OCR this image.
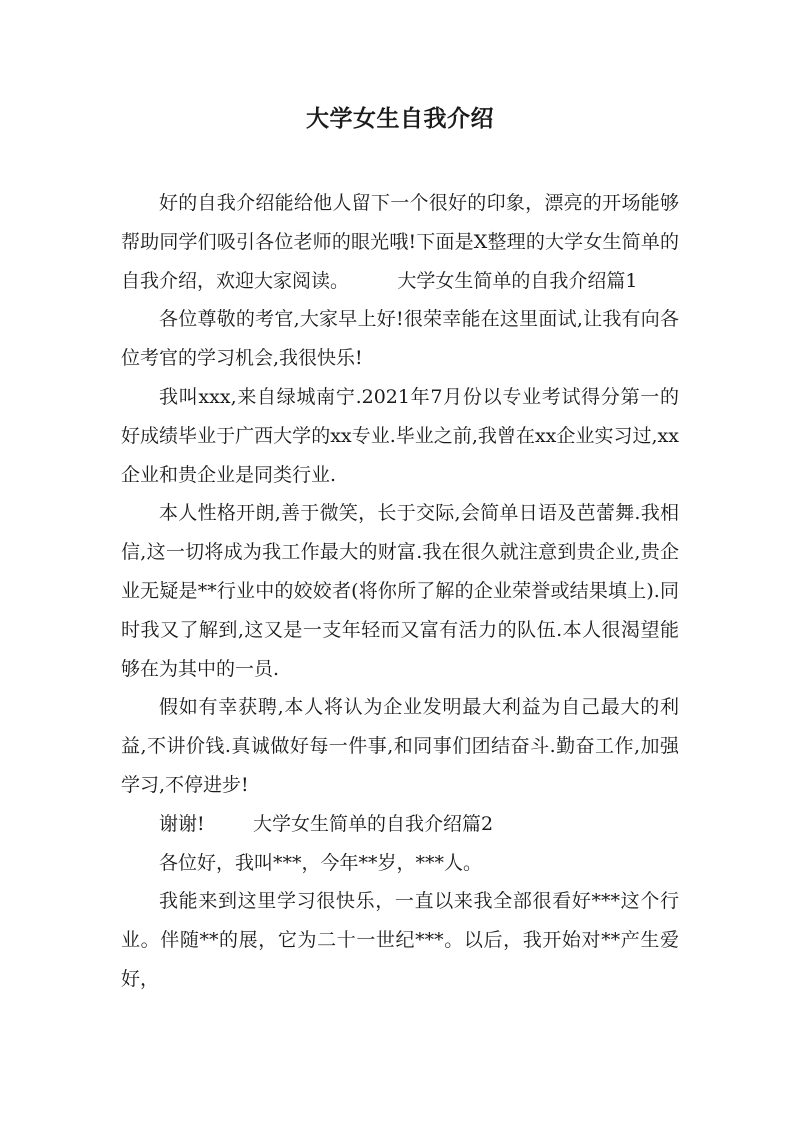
大学女生自我介绍

好的自我介绍能给他人留下一个很好的印象，漂亮的开场能够帮助同学们吸引各位老师的眼光哦!下面是X整理的大学女生简单的自我介绍，欢迎大家阅读。        大学女生简单的自我介绍篇1

各位尊敬的考官,大家早上好!很荣幸能在这里面试,让我有向各位考官的学习机会,我很快乐!

我叫xxx,来自绿城南宁.2021年7月份以专业考试得分第一的好成绩毕业于广西大学的xx专业.毕业之前,我曾在xx企业实习过,xx企业和贵企业是同类行业.

本人性格开朗,善于微笑，长于交际,会简单日语及芭蕾舞.我相信,这一切将成为我工作最大的财富.我在很久就注意到贵企业,贵企业无疑是**行业中的姣姣者(将你所了解的企业荣誉或结果填上).同时我又了解到,这又是一支年轻而又富有活力的队伍.本人很渴望能够在为其中的一员.

假如有幸获聘,本人将认为企业发明最大利益为自己最大的利益,不讲价钱.真诚做好每一件事,和同事们团结奋斗.勤奋工作,加强学习,不停进步!

谢谢!        大学女生简单的自我介绍篇2

各位好，我叫***，今年**岁，***人。

我能来到这里学习很快乐，一直以来我全部很看好***这个行业。伴随**的展，它为二十一世纪***。以后，我开始对**产生爱好，
